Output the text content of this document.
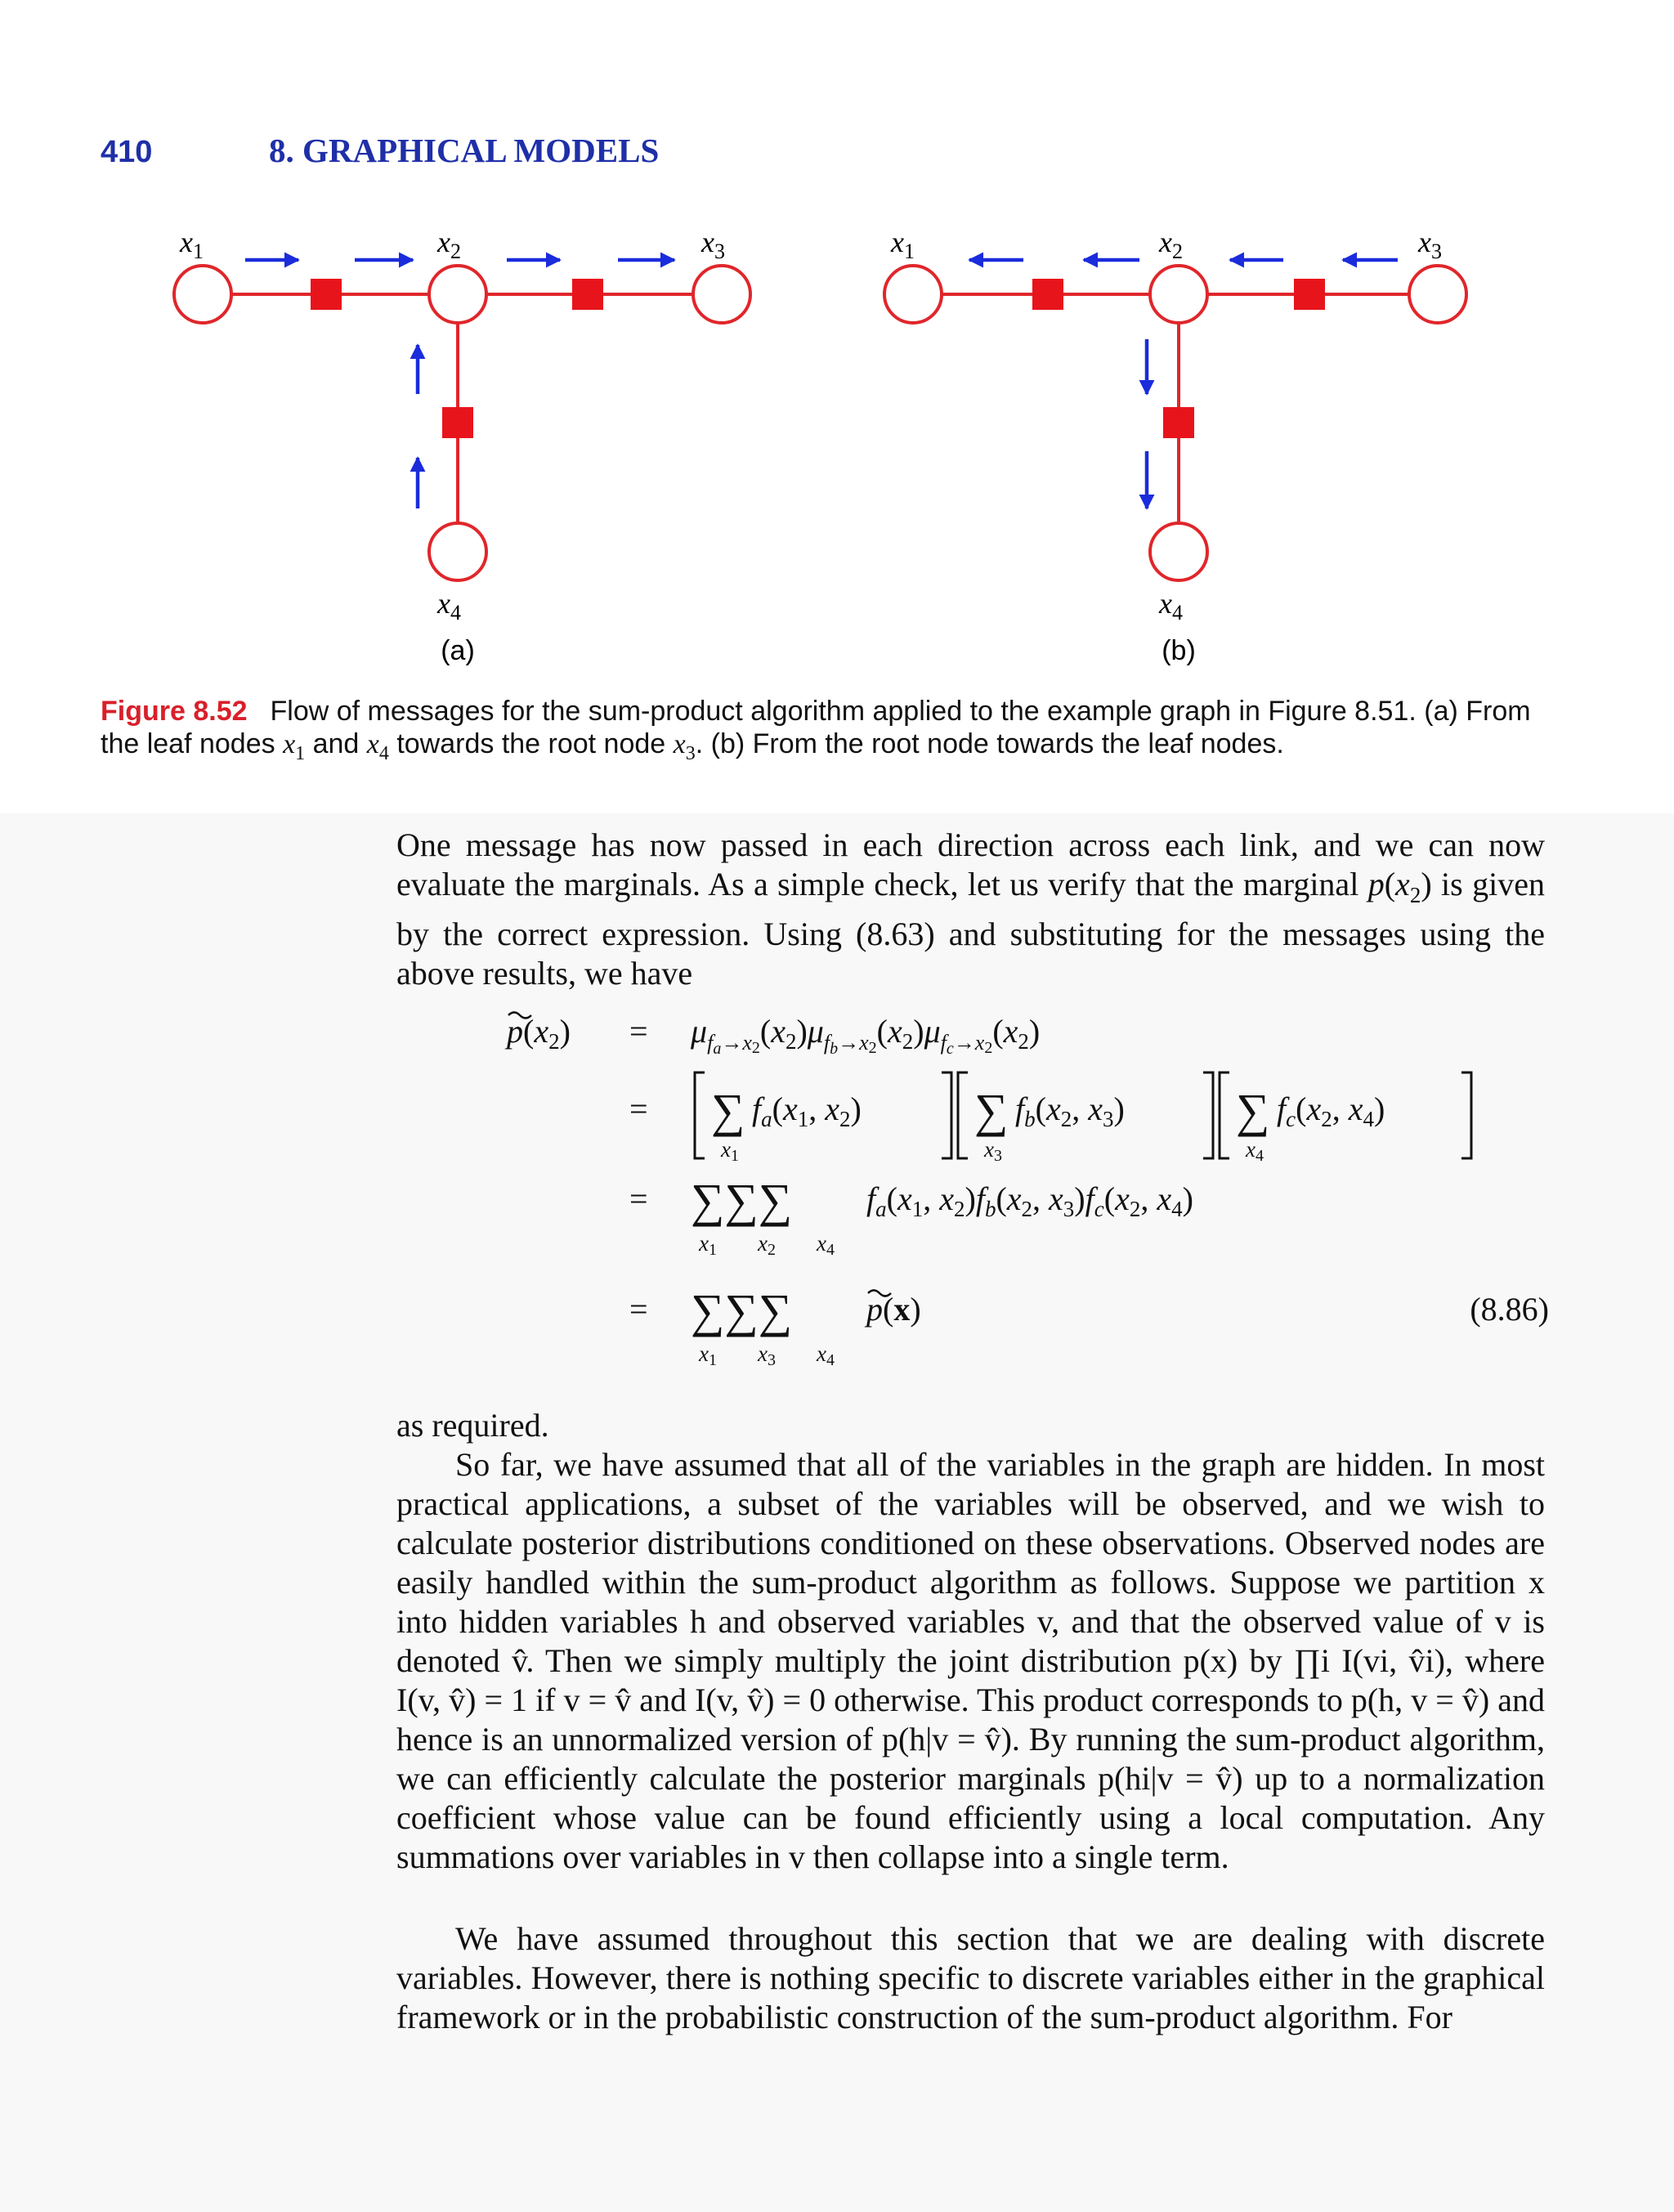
410	8. GRAPHICAL MODELS
$x_1$	$x_2$	$x_3$
$x_4$
(a)
$x_1$	$x_2$	$x_3$
$x_4$
(b)
Figure 8.52 Flow of messages for the sum-product algorithm applied to the example graph in Figure 8.51. (a) From the leaf nodes $x_1$ and $x_4$ towards the root node $x_3$. (b) From the root node towards the leaf nodes.

One message has now passed in each direction across each link, and we can now evaluate the marginals. As a simple check, let us verify that the marginal $p(x_2)$ is given by the correct expression. Using (8.63) and substituting for the messages using the above results, we have

$p(x_2) = \mu_fa\to x2(x_2)\mu_fb\to x2(x_2)\mu_fc\to x2(x_2)$
= ∑ $f_a(x_1$, $x_2$)
x1
∑ $f_b(x_2$, $x_3$)
x3
∑ $f_c(x_2$, $x_4$)
x4
= ∑∑∑
x1 x2 x4
$f_a(x_1$, $x_2)f_b(x_2$, $x_3)f_c(x_2$, $x_4$)
= ∑∑∑
x1 x3 x4
p(x)	(8.86)

as required.
So far, we have assumed that all of the variables in the graph are hidden. In most practical applications, a subset of the variables will be observed, and we wish to calculate posterior distributions conditioned on these observations. Observed nodes are easily handled within the sum-product algorithm as follows. Suppose we partition x into hidden variables h and observed variables v, and that the observed value of v is denoted v̂. Then we simply multiply the joint distribution p(x) by ∏i I(vi, v̂i), where I(v, v̂) = 1 if v = v̂ and I(v, v̂) = 0 otherwise. This product corresponds to p(h, v = v̂) and hence is an unnormalized version of p(h|v = v̂). By running the sum-product algorithm, we can efficiently calculate the posterior marginals p(hi|v = v̂) up to a normalization coefficient whose value can be found efficiently using a local computation. Any summations over variables in v then collapse into a single term.

We have assumed throughout this section that we are dealing with discrete variables. However, there is nothing specific to discrete variables either in the graphical framework or in the probabilistic construction of the sum-product algorithm. For
